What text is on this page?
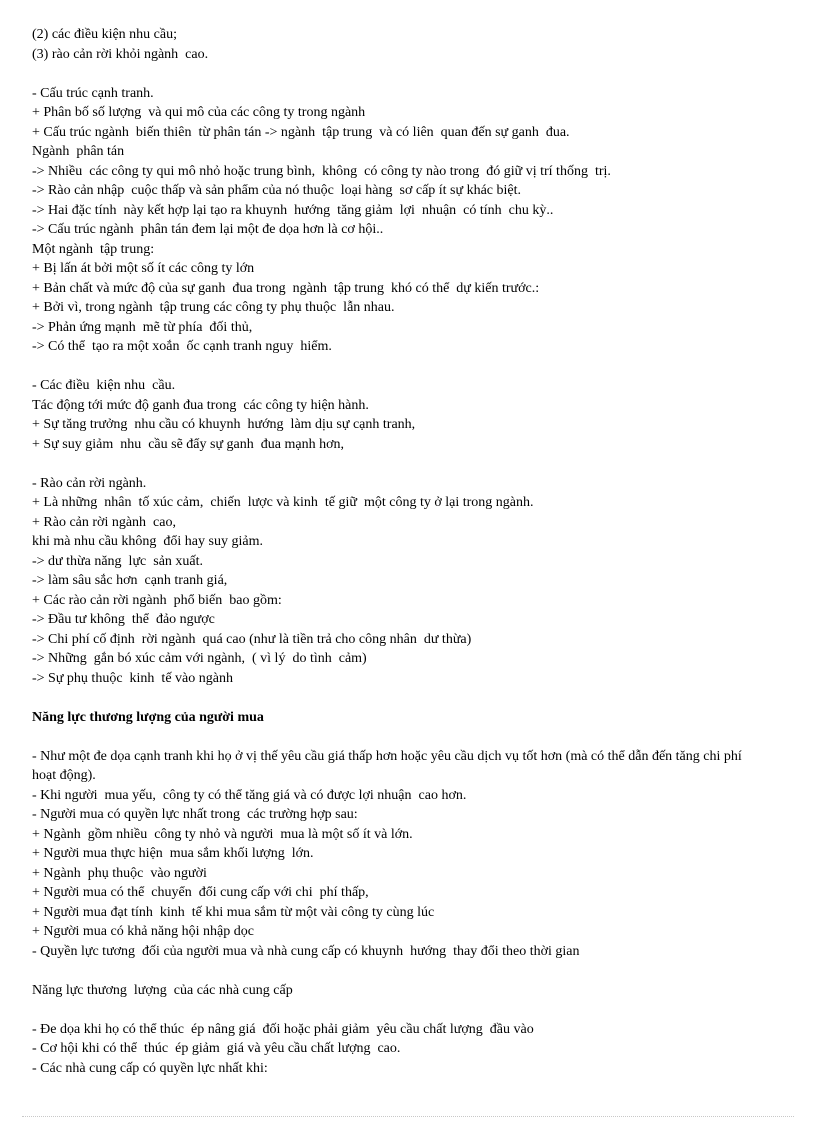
(2) các điều kiện nhu cầu;
(3) rào cản rời khỏi ngành  cao.
- Cấu trúc cạnh tranh.
+ Phân bố số lượng  và qui mô của các công ty trong ngành
+ Cấu trúc ngành  biến thiên  từ phân tán -> ngành  tập trung  và có liên  quan đến sự ganh  đua.
Ngành  phân tán
-> Nhiều  các công ty qui mô nhỏ hoặc trung bình,  không  có công ty nào trong  đó giữ vị trí thống  trị.
-> Rào cản nhập  cuộc thấp và sản phẩm của nó thuộc  loại hàng  sơ cấp ít sự khác biệt.
-> Hai đặc tính  này kết hợp lại tạo ra khuynh  hướng  tăng giảm  lợi  nhuận  có tính  chu kỳ..
-> Cấu trúc ngành  phân tán đem lại một đe dọa hơn là cơ hội..
Một ngành  tập trung:
+ Bị lấn át bởi một số ít các công ty lớn
+ Bản chất và mức độ của sự ganh  đua trong  ngành  tập trung  khó có thể  dự kiến trước.:
+ Bởi vì, trong ngành  tập trung các công ty phụ thuộc  lẫn nhau.
-> Phản ứng mạnh  mẽ từ phía  đối thủ,
-> Có thể  tạo ra một xoắn  ốc cạnh tranh nguy  hiểm.
- Các điều  kiện nhu  cầu.
Tác động tới mức độ ganh đua trong  các công ty hiện hành.
+ Sự tăng trưởng  nhu cầu có khuynh  hướng  làm dịu sự cạnh tranh,
+ Sự suy giảm  nhu  cầu sẽ đẩy sự ganh  đua mạnh hơn,
- Rào cản rời ngành.
+ Là những  nhân  tố xúc cảm,  chiến  lược và kinh  tế giữ  một công ty ở lại trong ngành.
+ Rào cản rời ngành  cao,
khi mà nhu cầu không  đổi hay suy giảm.
-> dư thừa năng  lực  sản xuất.
-> làm sâu sắc hơn  cạnh tranh giá,
+ Các rào cản rời ngành  phổ biến  bao gồm:
-> Đầu tư không  thể  đảo ngược
-> Chi phí cố định  rời ngành  quá cao (như là tiền trả cho công nhân  dư thừa)
-> Những  gắn bó xúc cảm với ngành,  ( vì lý  do tình  cảm)
-> Sự phụ thuộc  kinh  tế vào ngành
Năng lực thương lượng của người mua
- Như một đe dọa cạnh tranh khi họ ở vị thế yêu cầu giá thấp hơn hoặc yêu cầu dịch vụ tốt hơn (mà có thể dẫn đến tăng chi phí hoạt động).
- Khi người  mua yếu,  công ty có thể tăng giá và có được lợi nhuận  cao hơn.
- Người mua có quyền lực nhất trong  các trường hợp sau:
+ Ngành  gồm nhiều  công ty nhỏ và người  mua là một số ít và lớn.
+ Người mua thực hiện  mua sắm khối lượng  lớn.
+ Ngành  phụ thuộc  vào người
+ Người mua có thể  chuyển  đổi cung cấp với chi  phí thấp,
+ Người mua đạt tính  kinh  tế khi mua sắm từ một vài công ty cùng lúc
+ Người mua có khả năng hội nhập dọc
- Quyền lực tương  đối của người mua và nhà cung cấp có khuynh  hướng  thay đổi theo thời gian
Năng lực thương  lượng  của các nhà cung cấp
- Đe dọa khi họ có thể thúc  ép nâng giá  đối hoặc phải giảm  yêu cầu chất lượng  đầu vào
- Cơ hội khi có thể  thúc  ép giảm  giá và yêu cầu chất lượng  cao.
- Các nhà cung cấp có quyền lực nhất khi:
